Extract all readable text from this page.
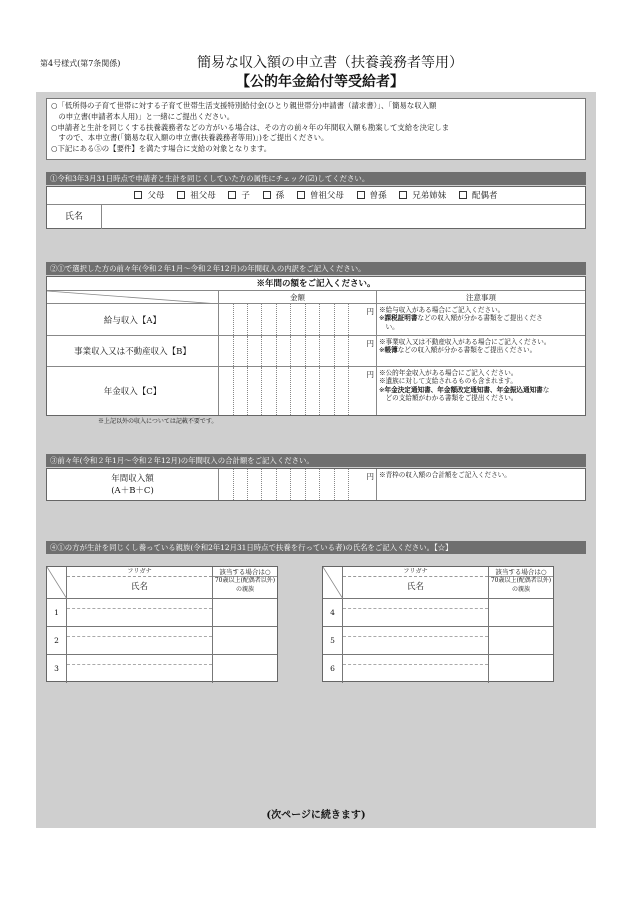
第4号様式(第7条関係)	簡易な収入額の申立書（扶養義務者等用）
【公的年金給付等受給者】

○「低所得の子育て世帯に対する子育て世帯生活支援特別給付金(ひとり親世帯分)申請書（請求書）」、「簡易な収入額

　の申立書(申請者本人用)」と一緒にご提出ください。

○申請者と生計を同じくする扶養義務者などの方がいる場合は、その方の前々年の年間収入額も勘案して支給を決定しま

　すので、本申立書(「簡易な収入額の申立書(扶養義務者等用)」)をご提出ください。

○下記にある⑤の【要件】を満たす場合に支給の対象となります。

①令和3年3月31日時点で申請者と生計を同じくしていた方の属性にチェック(☑)してください。
父母	祖父母	子	孫	曽祖父母	曽孫	兄弟姉妹	配偶者
氏名
②①で選択した方の前々年(令和２年1月～令和２年12月)の年間収入の内訳をご記入ください。
※年間の額をご記入ください。
金額	注意事項
給与収入【A】
円 ※給与収入がある場合にご記入ください。
※課税証明書などの収入額が分かる書類をご提出くださ
　い。
事業収入又は不動産収入【B】
円 ※事業収入又は不動産収入がある場合にご記入ください。
※帳簿などの収入額が分かる書類をご提出ください。
年金収入【C】
円 ※公的年金収入がある場合にご記入ください。
※遺族に対して支給されるものも含まれます。
※年金決定通知書、年金額改定通知書、年金振込通知書な
　どの支給額がわかる書類をご提出ください。
※上記以外の収入については記載不要です。
③前々年(令和２年1月～令和２年12月)の年間収入の合計額をご記入ください。
年間収入額
(A＋B＋C)
円 ※青枠の収入額の合計額をご記入ください。
④①の方が生計を同じくし養っている親族(令和2年12月31日時点で扶養を行っている者)の氏名をご記入ください。【☆】
フリガナ
氏名
該当する場合は○
70歳以上(配偶者以外)
の親族
1
2
3
フリガナ
氏名
該当する場合は○
70歳以上(配偶者以外)
の親族
4
5
6
(次ページに続きます)
